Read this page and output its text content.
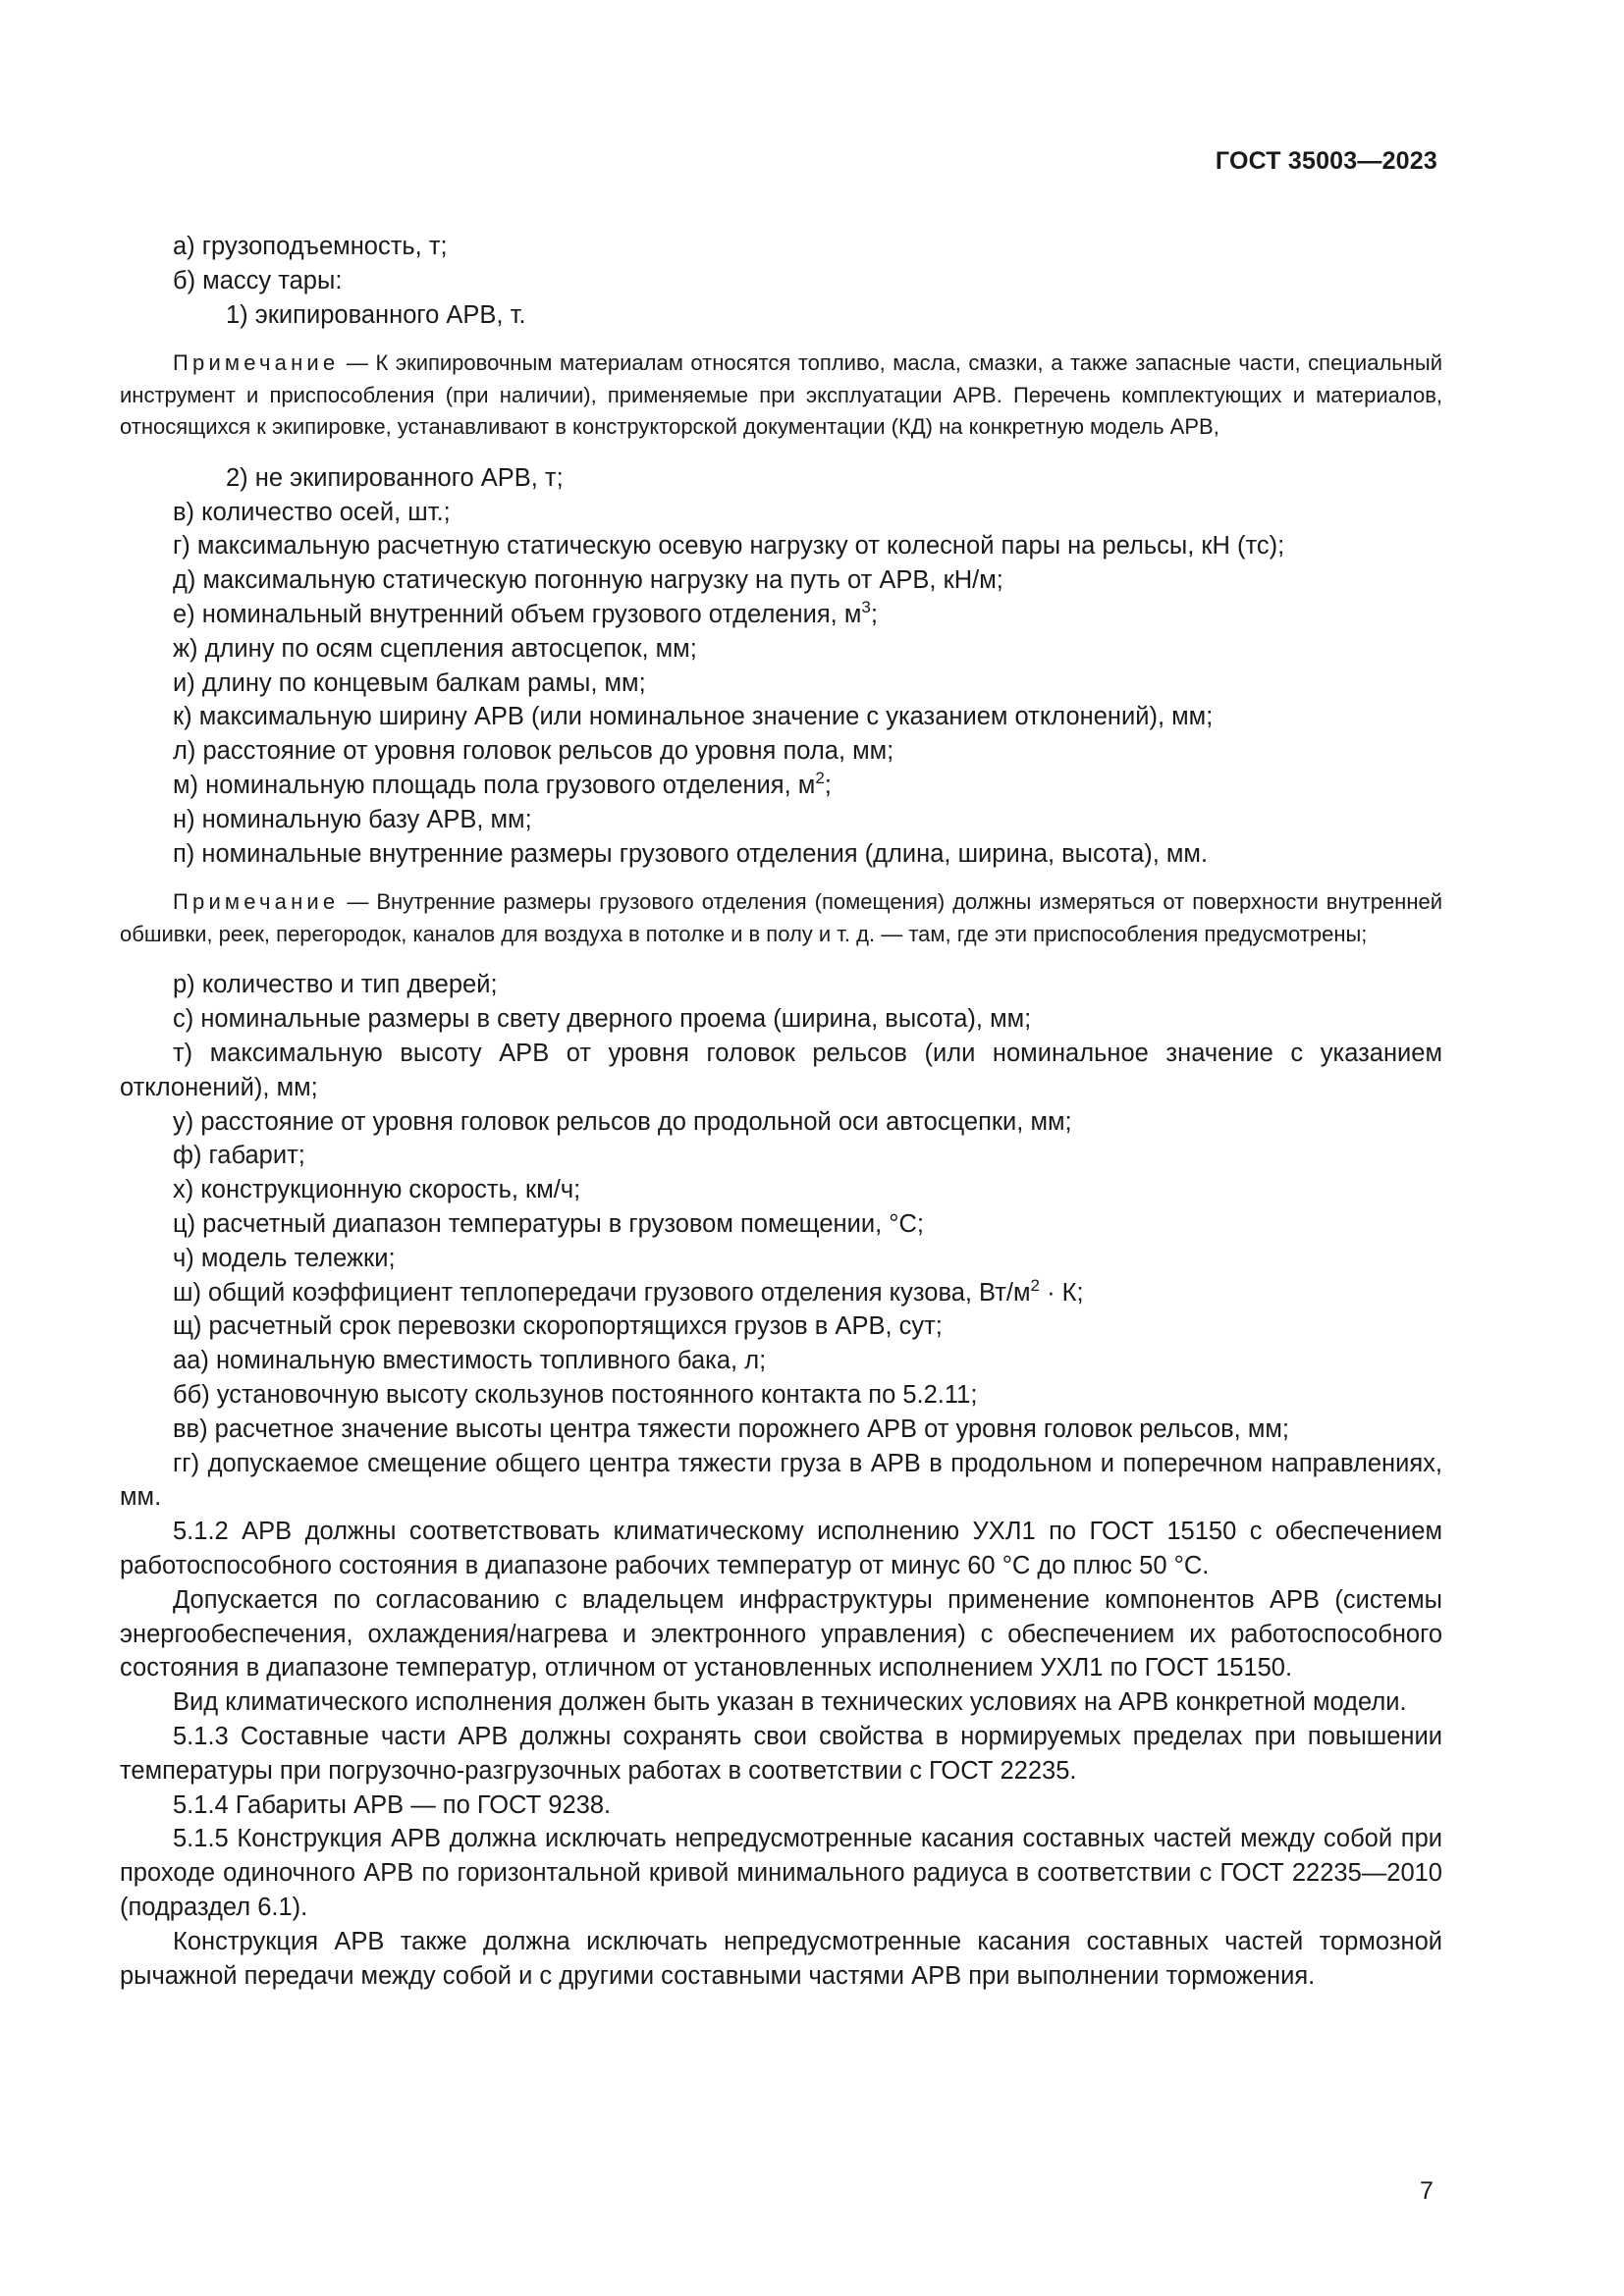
ГОСТ 35003—2023
а) грузоподъемность, т;
б) массу тары:
1) экипированного АРВ, т.

Примечание — К экипировочным материалам относятся топливо, масла, смазки, а также запасные части, специальный инструмент и приспособления (при наличии), применяемые при эксплуатации АРВ. Перечень комплектующих и материалов, относящихся к экипировке, устанавливают в конструкторской документации (КД) на конкретную модель АРВ,

2) не экипированного АРВ, т;
в) количество осей, шт.;
г) максимальную расчетную статическую осевую нагрузку от колесной пары на рельсы, кН (тс);
д) максимальную статическую погонную нагрузку на путь от АРВ, кН/м;
е) номинальный внутренний объем грузового отделения, $м^3$;
ж) длину по осям сцепления автосцепок, мм;
и) длину по концевым балкам рамы, мм;
к) максимальную ширину АРВ (или номинальное значение с указанием отклонений), мм;
л) расстояние от уровня головок рельсов до уровня пола, мм;
м) номинальную площадь пола грузового отделения, $м^2$;
н) номинальную базу АРВ, мм;
п) номинальные внутренние размеры грузового отделения (длина, ширина, высота), мм.

Примечание — Внутренние размеры грузового отделения (помещения) должны измеряться от поверхности внутренней обшивки, реек, перегородок, каналов для воздуха в потолке и в полу и т. д. — там, где эти приспособления предусмотрены;

р) количество и тип дверей;
с) номинальные размеры в свету дверного проема (ширина, высота), мм;

т) максимальную высоту АРВ от уровня головок рельсов (или номинальное значение с указанием отклонений), мм;

у) расстояние от уровня головок рельсов до продольной оси автосцепки, мм;
ф) габарит;
х) конструкционную скорость, км/ч;
ц) расчетный диапазон температуры в грузовом помещении, °С;
ч) модель тележки;
ш) общий коэффициент теплопередачи грузового отделения кузова, $Вт/м^2 \cdot К$;
щ) расчетный срок перевозки скоропортящихся грузов в АРВ, сут;
аа) номинальную вместимость топливного бака, л;
бб) установочную высоту скользунов постоянного контакта по 5.2.11;
вв) расчетное значение высоты центра тяжести порожнего АРВ от уровня головок рельсов, мм;

гг) допускаемое смещение общего центра тяжести груза в АРВ в продольном и поперечном направлениях, мм.

5.1.2 АРВ должны соответствовать климатическому исполнению УХЛ1 по ГОСТ 15150 с обеспечением работоспособного состояния в диапазоне рабочих температур от минус 60 °С до плюс 50 °С.

Допускается по согласованию с владельцем инфраструктуры применение компонентов АРВ (системы энергообеспечения, охлаждения/нагрева и электронного управления) с обеспечением их работоспособного состояния в диапазоне температур, отличном от установленных исполнением УХЛ1 по ГОСТ 15150.

Вид климатического исполнения должен быть указан в технических условиях на АРВ конкретной модели.

5.1.3 Составные части АРВ должны сохранять свои свойства в нормируемых пределах при повышении температуры при погрузочно-разгрузочных работах в соответствии с ГОСТ 22235.

5.1.4 Габариты АРВ — по ГОСТ 9238.

5.1.5 Конструкция АРВ должна исключать непредусмотренные касания составных частей между собой при проходе одиночного АРВ по горизонтальной кривой минимального радиуса в соответствии с ГОСТ 22235—2010 (подраздел 6.1).

Конструкция АРВ также должна исключать непредусмотренные касания составных частей тормозной рычажной передачи между собой и с другими составными частями АРВ при выполнении торможения.

7
